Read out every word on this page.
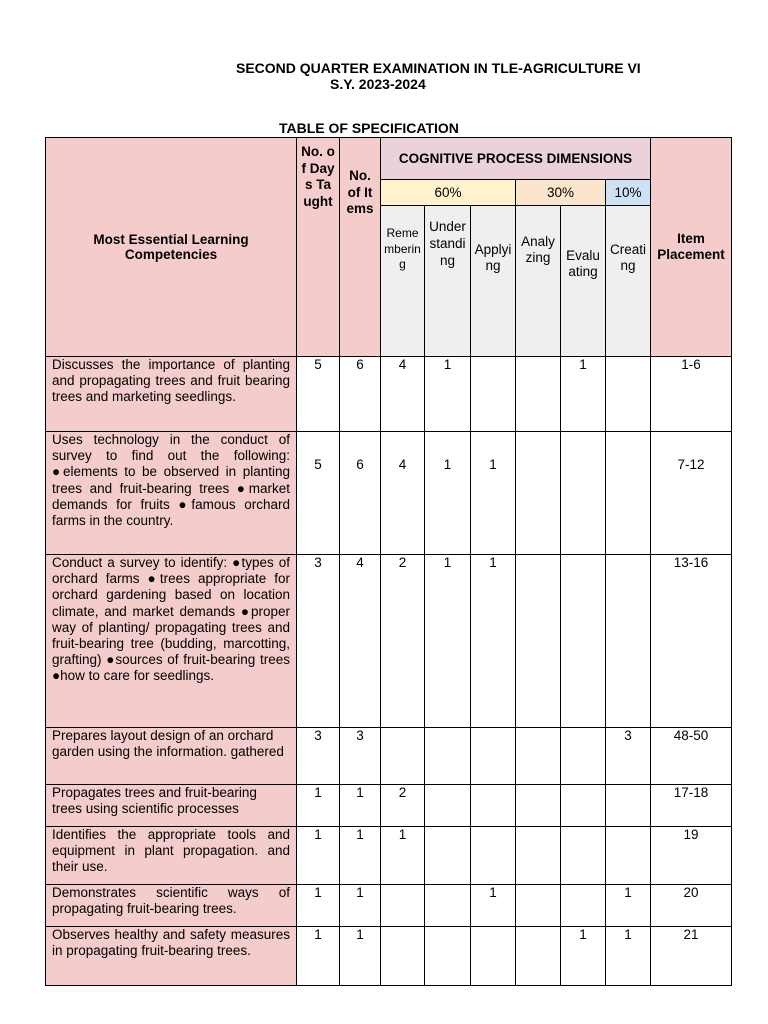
SECOND QUARTER EXAMINATION IN TLE-AGRICULTURE VI
S.Y. 2023-2024
TABLE OF SPECIFICATION
Most Essential Learning Competencies	No. of Days Taught	No. of Items	COGNITIVE PROCESS DIMENSIONS						Item Placement
			60%			30%		10%	
			Remembering	Understanding	Applying	Analyzing	Evaluating	Creating	
Discusses the importance of planting and propagating trees and fruit bearing trees and marketing seedlings.	5	6	4	1			1		1-6
Uses technology in the conduct of survey to find out the following: ●elements to be observed in planting trees and fruit-bearing trees ●market demands for fruits ●famous orchard farms in the country.	5	6	4	1	1				7-12
Conduct a survey to identify: ●types of orchard farms ●trees appropriate for orchard gardening based on location climate, and market demands ●proper way of planting/ propagating trees and fruit-bearing tree (budding, marcotting, grafting) ●sources of fruit-bearing trees ●how to care for seedlings.	3	4	2	1	1				13-16
Prepares layout design of an orchard garden using the information. gathered	3	3						3	48-50
Propagates trees and fruit-bearing trees using scientific processes	1	1	2						17-18
Identifies the appropriate tools and equipment in plant propagation. and their use.	1	1	1						19
Demonstrates scientific ways of propagating fruit-bearing trees.	1	1			1			1	20
Observes healthy and safety measures in propagating fruit-bearing trees.	1	1					1	1	21
